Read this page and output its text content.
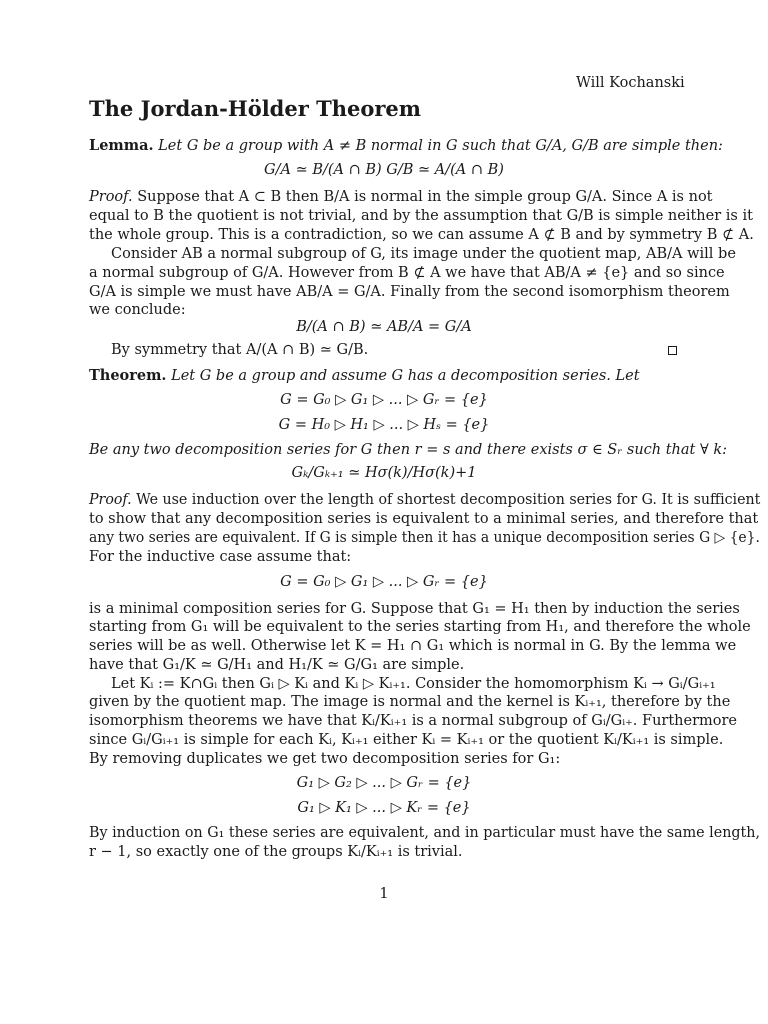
Will Kochanski
The Jordan-Hölder Theorem
Lemma. Let G be a group with A ≠ B normal in G such that G/A, G/B are simple then:
G/A ≃ B/(A ∩ B) G/B ≃ A/(A ∩ B)
Proof. Suppose that A ⊂ B then B/A is normal in the simple group G/A. Since A is not
equal to B the quotient is not trivial, and by the assumption that G/B is simple neither is it
the whole group. This is a contradiction, so we can assume A ⊄ B and by symmetry B ⊄ A.
Consider AB a normal subgroup of G, its image under the quotient map, AB/A will be
a normal subgroup of G/A. However from B ⊄ A we have that AB/A ≠ {e} and so since
G/A is simple we must have AB/A = G/A. Finally from the second isomorphism theorem
we conclude:
B/(A ∩ B) ≃ AB/A = G/A
By symmetry that A/(A ∩ B) ≃ G/B.
Theorem. Let G be a group and assume G has a decomposition series. Let
G = G₀ ▷ G₁ ▷ ... ▷ Gᵣ = {e}
G = H₀ ▷ H₁ ▷ ... ▷ Hₛ = {e}
Be any two decomposition series for G then r = s and there exists σ ∈ Sᵣ such that ∀ k:
Gₖ/Gₖ₊₁ ≃ Hσ(k)/Hσ(k)+1
Proof. We use induction over the length of shortest decomposition series for G. It is sufficient
to show that any decomposition series is equivalent to a minimal series, and therefore that
any two series are equivalent. If G is simple then it has a unique decomposition series G ▷ {e}.
For the inductive case assume that:
G = G₀ ▷ G₁ ▷ ... ▷ Gᵣ = {e}
is a minimal composition series for G. Suppose that G₁ = H₁ then by induction the series
starting from G₁ will be equivalent to the series starting from H₁, and therefore the whole
series will be as well. Otherwise let K = H₁ ∩ G₁ which is normal in G. By the lemma we
have that G₁/K ≃ G/H₁ and H₁/K ≃ G/G₁ are simple.
Let Kᵢ := K∩Gᵢ then Gᵢ ▷ Kᵢ and Kᵢ ▷ Kᵢ₊₁. Consider the homomorphism Kᵢ → Gᵢ/Gᵢ₊₁
given by the quotient map. The image is normal and the kernel is Kᵢ₊₁, therefore by the
isomorphism theorems we have that Kᵢ/Kᵢ₊₁ is a normal subgroup of Gᵢ/Gᵢ₊. Furthermore
since Gᵢ/Gᵢ₊₁ is simple for each Kᵢ, Kᵢ₊₁ either Kᵢ = Kᵢ₊₁ or the quotient Kᵢ/Kᵢ₊₁ is simple.
By removing duplicates we get two decomposition series for G₁:
G₁ ▷ G₂ ▷ ... ▷ Gᵣ = {e}
G₁ ▷ K₁ ▷ ... ▷ Kᵣ = {e}
By induction on G₁ these series are equivalent, and in particular must have the same length,
r − 1, so exactly one of the groups Kᵢ/Kᵢ₊₁ is trivial.
1
